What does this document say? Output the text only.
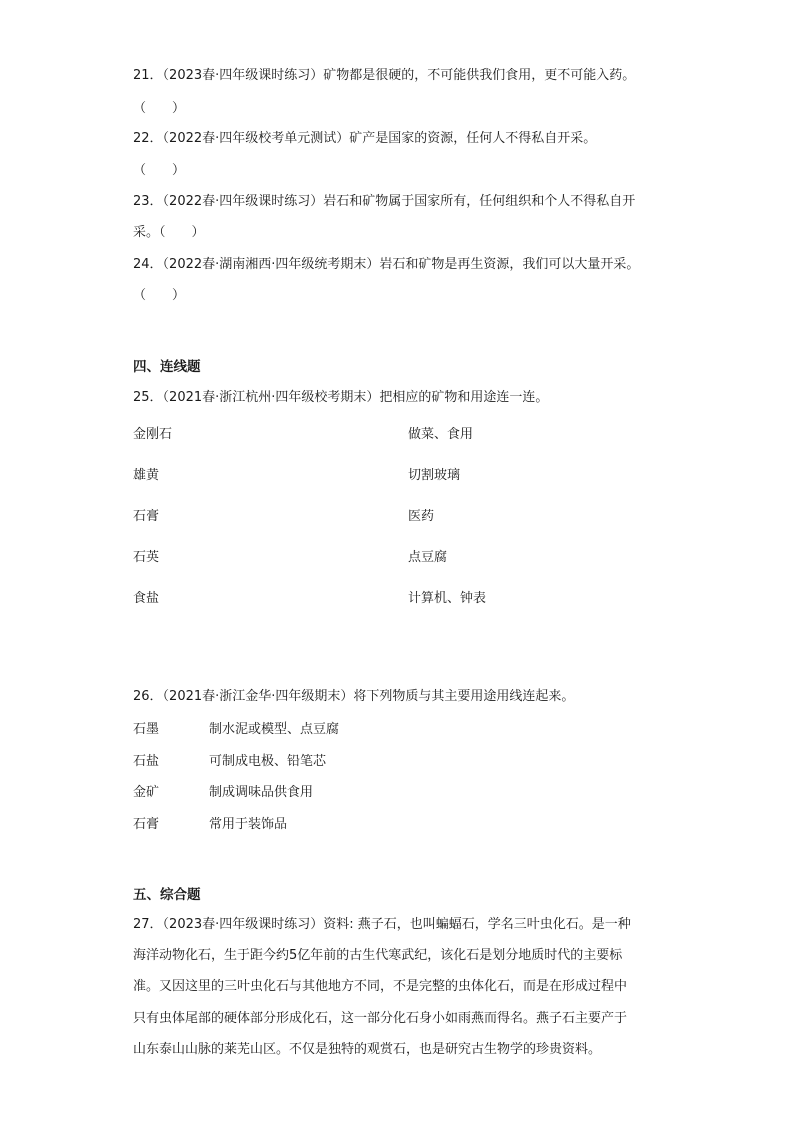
21．（2023春·四年级课时练习）矿物都是很硬的，不可能供我们食用，更不可能入药。
（　　）
22．（2022春·四年级校考单元测试）矿产是国家的资源，任何人不得私自开采。
（　　）
23．（2022春·四年级课时练习）岩石和矿物属于国家所有，任何组织和个人不得私自开
采。（　　）
24．（2022春·湖南湘西·四年级统考期末）岩石和矿物是再生资源，我们可以大量开采。
（　　）
四、连线题
25．（2021春·浙江杭州·四年级校考期末）把相应的矿物和用途连一连。
金刚石	做菜、食用
雄黄	切割玻璃
石膏	医药
石英	点豆腐
食盐	计算机、钟表
26．（2021春·浙江金华·四年级期末）将下列物质与其主要用途用线连起来。
石墨	制水泥或模型、点豆腐
石盐	可制成电极、铅笔芯
金矿	制成调味品供食用
石膏	常用于装饰品
五、综合题
27．（2023春·四年级课时练习）资料: 燕子石，也叫蝙蝠石，学名三叶虫化石。是一种
海洋动物化石，生于距今约5亿年前的古生代寒武纪，该化石是划分地质时代的主要标
准。又因这里的三叶虫化石与其他地方不同，不是完整的虫体化石，而是在形成过程中
只有虫体尾部的硬体部分形成化石，这一部分化石身小如雨燕而得名。燕子石主要产于
山东泰山山脉的莱芜山区。不仅是独特的观赏石，也是研究古生物学的珍贵资料。
